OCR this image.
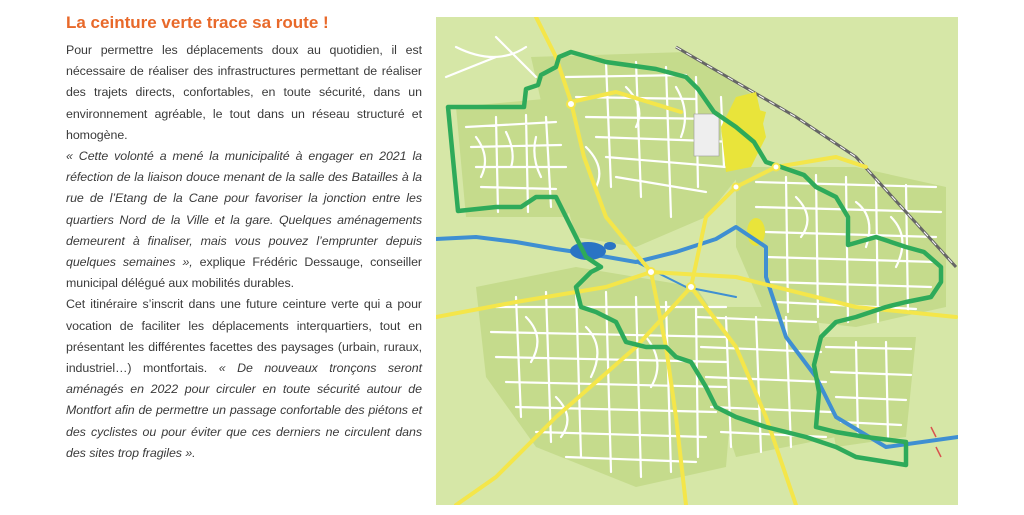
La ceinture verte trace sa route !

Pour permettre les déplacements doux au quotidien, il est nécessaire de réaliser des infrastructures permettant de réaliser des trajets directs, confortables, en toute sécurité, dans un environnement agréable, le tout dans un réseau structuré et homogène.

« Cette volonté a mené la municipalité à engager en 2021 la réfection de la liaison douce menant de la salle des Batailles à la rue de l’Etang de la Cane pour favoriser la jonction entre les quartiers Nord de la Ville et la gare. Quelques aménagements demeurent à finaliser, mais vous pouvez l’emprunter depuis quelques semaines », explique Frédéric Dessauge, conseiller municipal délégué aux mobilités durables.

Cet itinéraire s’inscrit dans une future ceinture verte qui a pour vocation de faciliter les déplacements interquartiers, tout en présentant les différentes facettes des paysages (urbain, ruraux, industriel…) montfortais. « De nouveaux tronçons seront aménagés en 2022 pour circuler en toute sécurité autour de Montfort afin de permettre un passage confortable des piétons et des cyclistes ou pour éviter que ces derniers ne circulent dans des sites trop fragiles ».
